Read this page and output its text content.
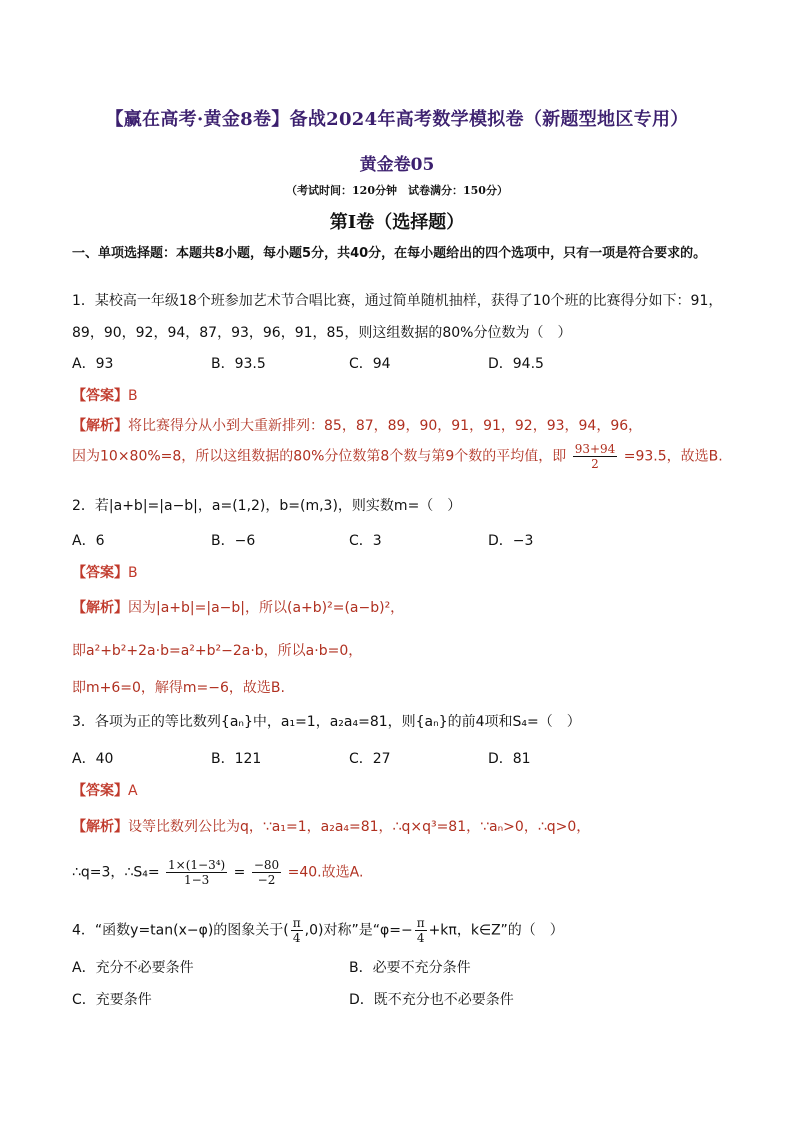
【赢在高考·黄金8卷】备战2024年高考数学模拟卷（新题型地区专用）
黄金卷05
（考试时间：120分钟　试卷满分：150分）
第I卷（选择题）
一、单项选择题：本题共8小题，每小题5分，共40分，在每小题给出的四个选项中，只有一项是符合要求的。
1．某校高一年级18个班参加艺术节合唱比赛，通过简单随机抽样，获得了10个班的比赛得分如下：91，
89，90，92，94，87，93，96，91，85，则这组数据的80%分位数为（　）
A．93	B．93.5	C．94	D．94.5
【答案】B
【解析】将比赛得分从小到大重新排列：85，87，89，90，91，91，92，93，94，96，
因为10×80%=8，所以这组数据的80%分位数第8个数与第9个数的平均值，即 $\frac{93+94}{2} =93.5$，故选B.
2．若|a+b|=|a−b|，a=(1,2)，b=(m,3)，则实数m=（　）
A．6	B．−6	C．3	D．−3
【答案】B
【解析】因为|a+b|=|a−b|，所以(a+b)²=(a−b)²，
即a²+b²+2a·b=a²+b²−2a·b，所以a·b=0，
即m+6=0，解得m=−6，故选B.
3．各项为正的等比数列{aₙ}中，a₁=1，a₂a₄=81，则{aₙ}的前4项和S₄=（　）
A．40	B．121	C．27	D．81
【答案】A
【解析】设等比数列公比为q，∵a₁=1，a₂a₄=81，∴q×q³=81，∵aₙ>0，∴q>0，
∴q=3，∴S₄= $\frac{\text{1×(1−3⁴)}}{1-3} = \frac{-80}{-2} =40$.故选A.
4．“函数y=tan(x−φ)的图象关于( $\frac{\pi}{4} ,0$)对称”是“$\varphi=- \frac{\pi}{4} +k\pi$，k∈Z”的（　）
A．充分不必要条件	B．必要不充分条件
C．充要条件	D．既不充分也不必要条件
